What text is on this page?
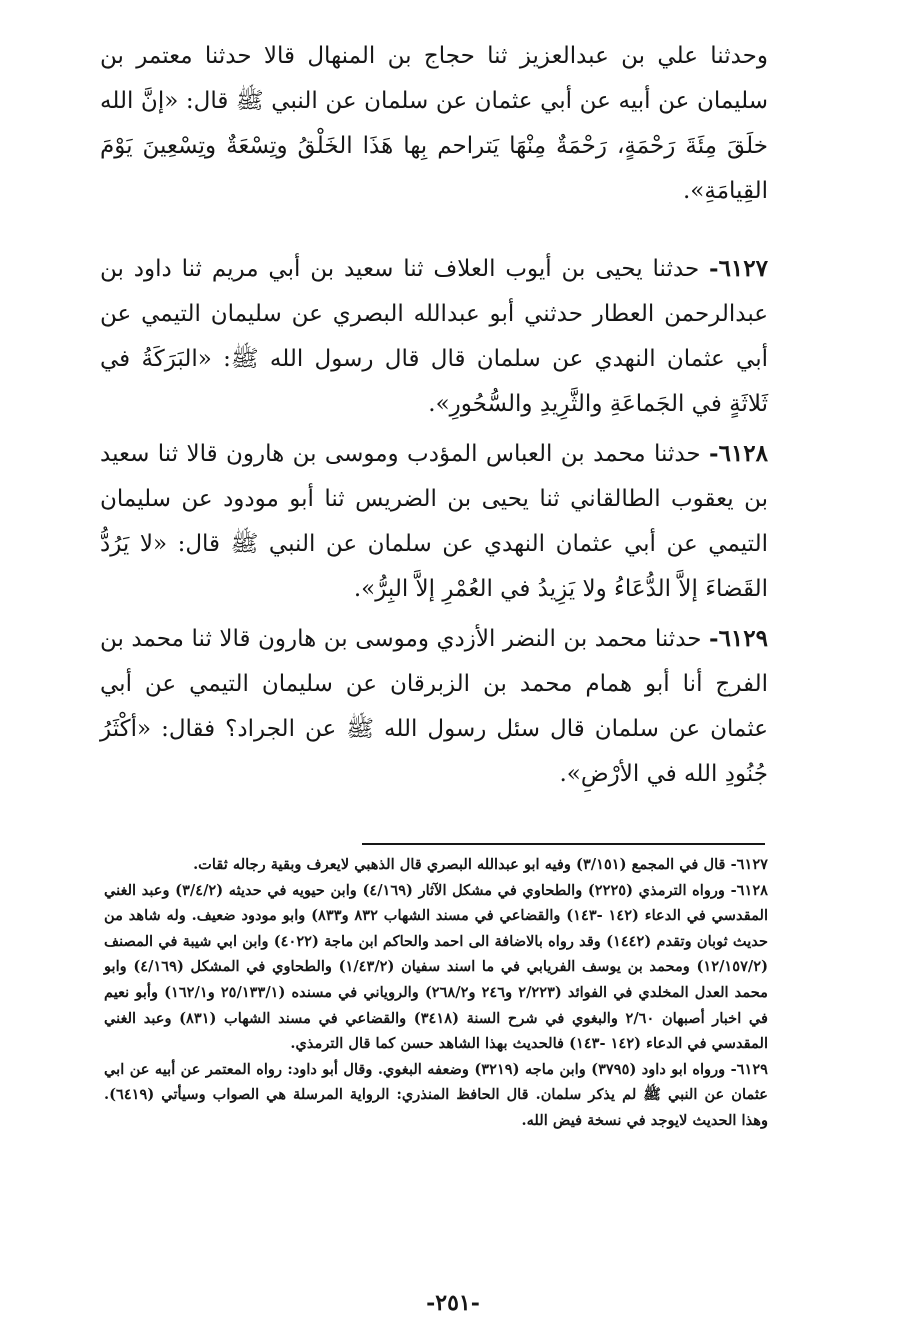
وحدثنا علي بن عبدالعزيز ثنا حجاج بن المنهال قالا حدثنا معتمر بن سليمان عن أبيه عن أبي عثمان عن سلمان عن النبي ﷺ قال: «إنَّ الله خلَقَ مِئَةَ رَحْمَةٍ، رَحْمَةٌ مِنْهَا يَتراحم بِها هَذَا الخَلْقُ وتِسْعَةٌ وتِسْعِينَ يَوْمَ القِيامَةِ».

٦١٢٧- حدثنا يحيى بن أيوب العلاف ثنا سعيد بن أبي مريم ثنا داود بن عبدالرحمن العطار حدثني أبو عبدالله البصري عن سليمان التيمي عن أبي عثمان النهدي عن سلمان قال قال رسول الله ﷺ: «البَرَكَةُ في ثَلاثَةٍ في الجَماعَةِ والثَّرِيدِ والسُّحُورِ».

٦١٢٨- حدثنا محمد بن العباس المؤدب وموسى بن هارون قالا ثنا سعيد بن يعقوب الطالقاني ثنا يحيى بن الضريس ثنا أبو مودود عن سليمان التيمي عن أبي عثمان النهدي عن سلمان عن النبي ﷺ قال: «لا يَرُدُّ القَضاءَ إلاَّ الدُّعَاءُ ولا يَزِيدُ في العُمْرِ إلاَّ البِرُّ».

٦١٢٩- حدثنا محمد بن النضر الأزدي وموسى بن هارون قالا ثنا محمد بن الفرج أنا أبو همام محمد بن الزبرقان عن سليمان التيمي عن أبي عثمان عن سلمان قال سئل رسول الله ﷺ عن الجراد؟ فقال: «أكْثَرُ جُنُودِ الله في الأرْضِ».

٦١٢٧- قال في المجمع (٣/١٥١) وفيه ابو عبدالله البصري قال الذهبي لايعرف وبقية رجاله ثقات.

٦١٢٨- ورواه الترمذي (٢٢٢٥) والطحاوي في مشكل الآثار (٤/١٦٩) وابن حيويه في حديثه (٣/٤/٢) وعبد الغني المقدسي في الدعاء (١٤٢ -١٤٣) والقضاعي في مسند الشهاب ٨٣٢ و٨٣٣) وابو مودود ضعيف. وله شاهد من حديث ثوبان وتقدم (١٤٤٢) وقد رواه بالاضافة الى احمد والحاكم ابن ماجة (٤٠٢٢) وابن ابي شيبة في المصنف (١٢/١٥٧/٢) ومحمد بن يوسف الفريابي في ما اسند سفيان (١/٤٣/٢) والطحاوي في المشكل (٤/١٦٩) وابو محمد العدل المخلدي في الفوائد (٢/٢٢٣ و٢٤٦ و٢٦٨/٢) والروياني في مسنده (٢٥/١٣٣/١ و١٦٢/١) وأبو نعيم في اخبار أصبهان ٢/٦٠ والبغوي في شرح السنة (٣٤١٨) والقضاعي في مسند الشهاب (٨٣١) وعبد الغني المقدسي في الدعاء (١٤٢ -١٤٣) فالحديث بهذا الشاهد حسن كما قال الترمذي.

٦١٢٩- ورواه ابو داود (٣٧٩٥) وابن ماجه (٣٢١٩) وضعفه البغوي. وقال أبو داود: رواه المعتمر عن أبيه عن ابي عثمان عن النبي ﷺ لم يذكر سلمان. قال الحافظ المنذري: الرواية المرسلة هي الصواب وسيأتي (٦٤١٩). وهذا الحديث لايوجد في نسخة فيض الله.

-٢٥١-
